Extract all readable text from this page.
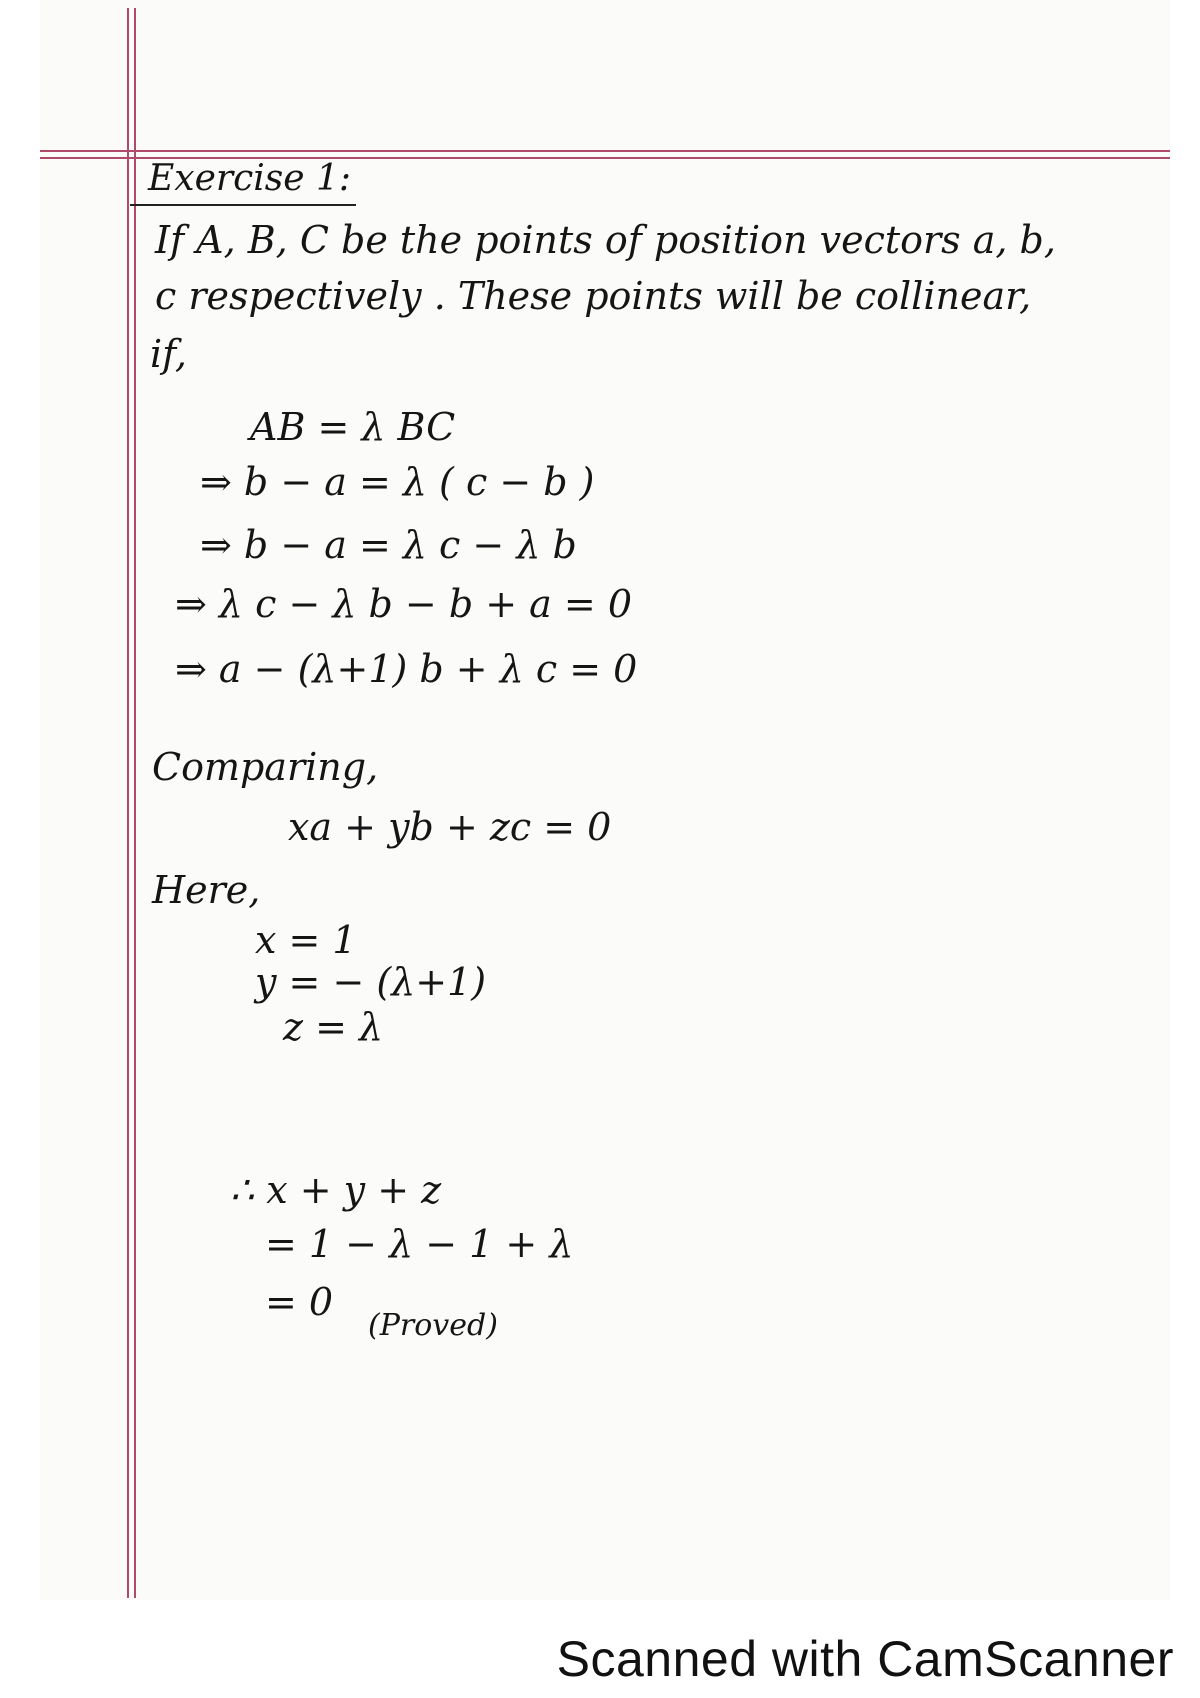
Exercise 1:
If A, B, C be the points of position vectors a, b,
c respectively . These points will be collinear,
if,
AB = λ BC
⇒ b − a = λ ( c − b )
⇒ b − a = λ c − λ b
⇒ λ c − λ b − b + a = 0
⇒ a − (λ+1) b + λ c = 0
Comparing,
xa + yb + zc = 0
Here,
x = 1
y = − (λ+1)
z = λ
∴ x + y + z
= 1 − λ − 1 + λ
= 0
(Proved)
Scanned with CamScanner
